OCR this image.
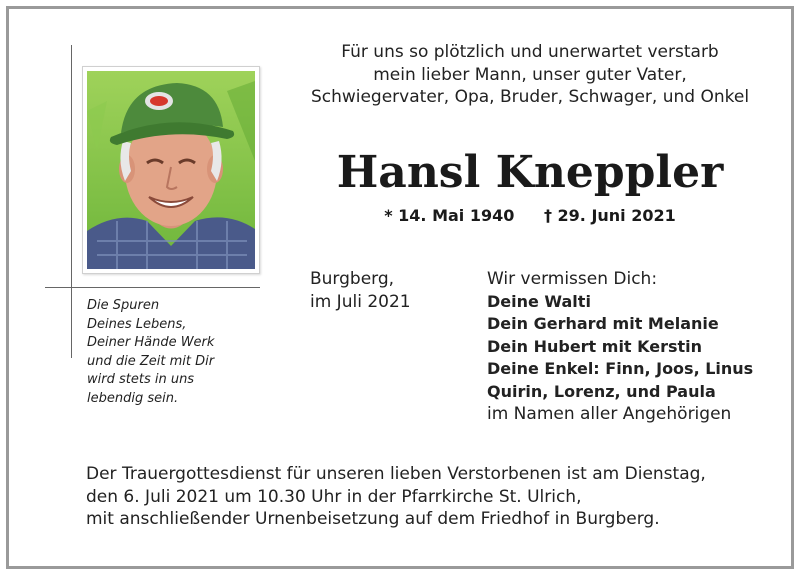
Die Spuren
Deines Lebens,
Deiner Hände Werk
und die Zeit mit Dir
wird stets in uns
lebendig sein.
Für uns so plötzlich und unerwartet verstarb
mein lieber Mann, unser guter Vater,
Schwiegervater, Opa, Bruder, Schwager, und Onkel
Hansl Kneppler
* 14. Mai 1940 † 29. Juni 2021
Burgberg,
im Juli 2021
Wir vermissen Dich:
Deine Walti
Dein Gerhard mit Melanie
Dein Hubert mit Kerstin
Deine Enkel: Finn, Joos, Linus
Quirin, Lorenz, und Paula
im Namen aller Angehörigen
Der Trauergottesdienst für unseren lieben Verstorbenen ist am Dienstag,
den 6. Juli 2021 um 10.30 Uhr in der Pfarrkirche St. Ulrich,
mit anschließender Urnenbeisetzung auf dem Friedhof in Burgberg.
